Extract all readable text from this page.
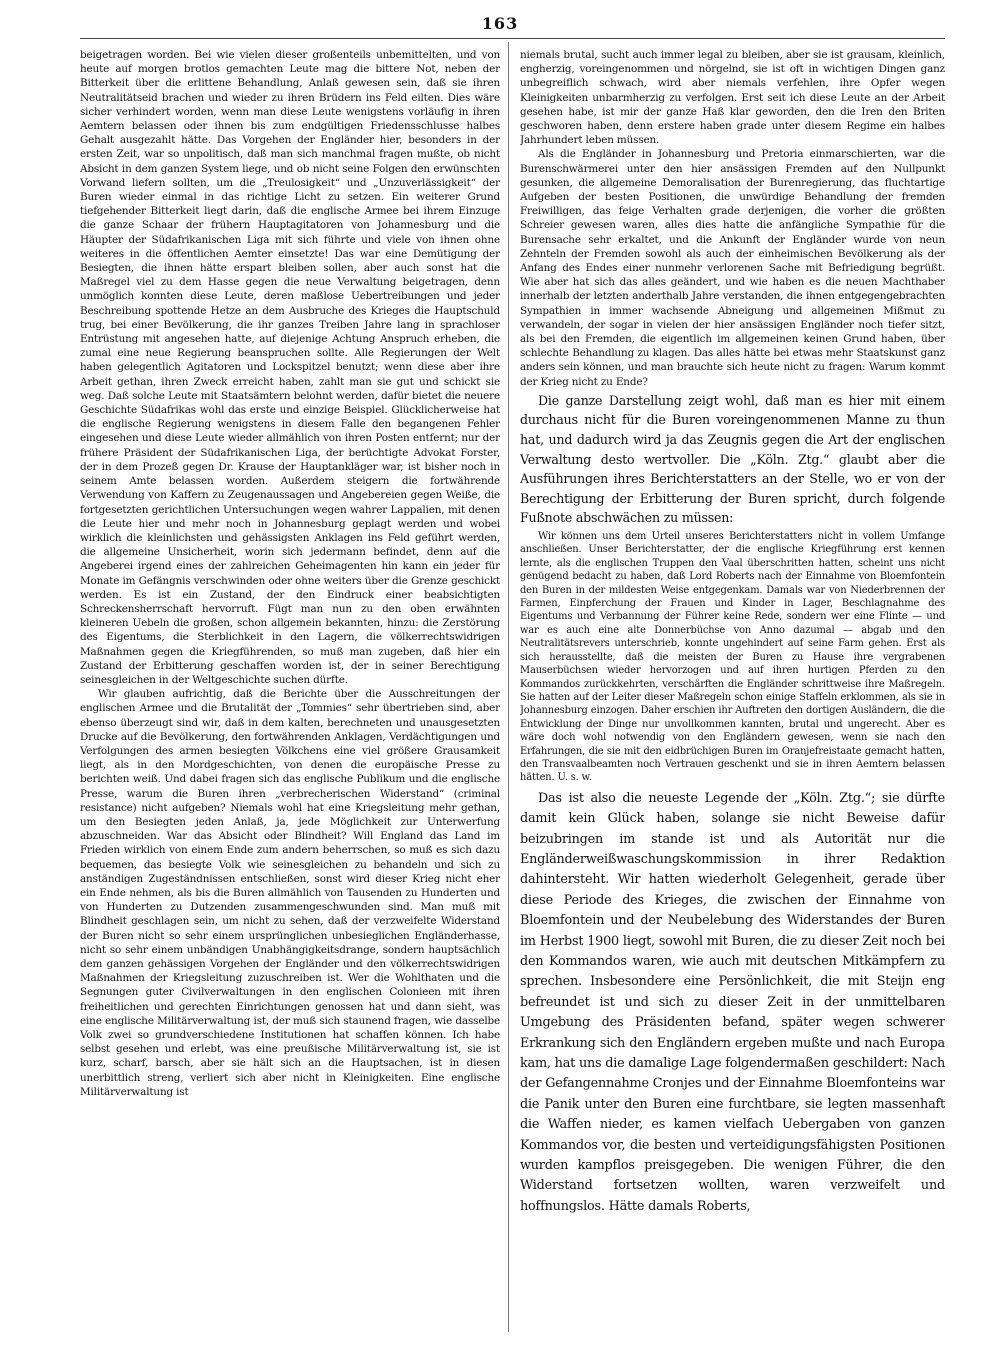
163

beigetragen worden. Bei wie vielen dieser großenteils unbemittelten, und von heute auf morgen brotlos gemachten Leute mag die bittere Not, neben der Bitterkeit über die erlittene Behandlung, Anlaß gewesen sein, daß sie ihren Neutralitätseid brachen und wieder zu ihren Brüdern ins Feld eilten. Dies wäre sicher verhindert worden, wenn man diese Leute wenigstens vorläufig in ihren Aemtern belassen oder ihnen bis zum endgültigen Friedensschlusse halbes Gehalt ausgezahlt hätte. Das Vorgehen der Engländer hier, besonders in der ersten Zeit, war so unpolitisch, daß man sich manchmal fragen mußte, ob nicht Absicht in dem ganzen System liege, und ob nicht seine Folgen den erwünschten Vorwand liefern sollten, um die „Treulosigkeit“ und „Unzuverlässigkeit“ der Buren wieder einmal in das richtige Licht zu setzen. Ein weiterer Grund tiefgehender Bitterkeit liegt darin, daß die englische Armee bei ihrem Einzuge die ganze Schaar der frühern Hauptagitatoren von Johannesburg und die Häupter der Südafrikanischen Liga mit sich führte und viele von ihnen ohne weiteres in die öffentlichen Aemter einsetzte! Das war eine Demütigung der Besiegten, die ihnen hätte erspart bleiben sollen, aber auch sonst hat die Maßregel viel zu dem Hasse gegen die neue Verwaltung beigetragen, denn unmöglich konnten diese Leute, deren maßlose Uebertreibungen und jeder Beschreibung spottende Hetze an dem Ausbruche des Krieges die Hauptschuld trug, bei einer Bevölkerung, die ihr ganzes Treiben Jahre lang in sprachloser Entrüstung mit angesehen hatte, auf diejenige Achtung Anspruch erheben, die zumal eine neue Regierung beanspruchen sollte. Alle Regierungen der Welt haben gelegentlich Agitatoren und Lockspitzel benutzt; wenn diese aber ihre Arbeit gethan, ihren Zweck erreicht haben, zahlt man sie gut und schickt sie weg. Daß solche Leute mit Staatsämtern belohnt werden, dafür bietet die neuere Geschichte Südafrikas wohl das erste und einzige Beispiel. Glücklicherweise hat die englische Regierung wenigstens in diesem Falle den begangenen Fehler eingesehen und diese Leute wieder allmählich von ihren Posten entfernt; nur der frühere Präsident der Südafrikanischen Liga, der berüchtigte Advokat Forster, der in dem Prozeß gegen Dr. Krause der Hauptankläger war, ist bisher noch in seinem Amte belassen worden. Außerdem steigern die fortwährende Verwendung von Kaffern zu Zeugenaussagen und Angebereien gegen Weiße, die fortgesetzten gerichtlichen Untersuchungen wegen wahrer Lappalien, mit denen die Leute hier und mehr noch in Johannesburg geplagt werden und wobei wirklich die kleinlichsten und gehässigsten Anklagen ins Feld geführt werden, die allgemeine Unsicherheit, worin sich jedermann befindet, denn auf die Angeberei irgend eines der zahlreichen Geheimagenten hin kann ein jeder für Monate im Gefängnis verschwinden oder ohne weiters über die Grenze geschickt werden. Es ist ein Zustand, der den Eindruck einer beabsichtigten Schreckensherrschaft hervorruft. Fügt man nun zu den oben erwähnten kleineren Uebeln die großen, schon allgemein bekannten, hinzu: die Zerstörung des Eigentums, die Sterblichkeit in den Lagern, die völkerrechtswidrigen Maßnahmen gegen die Kriegführenden, so muß man zugeben, daß hier ein Zustand der Erbitterung geschaffen worden ist, der in seiner Berechtigung seinesgleichen in der Weltgeschichte suchen dürfte.

Wir glauben aufrichtig, daß die Berichte über die Ausschreitungen der englischen Armee und die Brutalität der „Tommies“ sehr übertrieben sind, aber ebenso überzeugt sind wir, daß in dem kalten, berechneten und unausgesetzten Drucke auf die Bevölkerung, den fortwährenden Anklagen, Verdächtigungen und Verfolgungen des armen besiegten Völkchens eine viel größere Grausamkeit liegt, als in den Mordgeschichten, von denen die europäische Presse zu berichten weiß. Und dabei fragen sich das englische Publikum und die englische Presse, warum die Buren ihren „verbrecherischen Widerstand“ (criminal resistance) nicht aufgeben? Niemals wohl hat eine Kriegsleitung mehr gethan, um den Besiegten jeden Anlaß, ja, jede Möglichkeit zur Unterwerfung abzuschneiden. War das Absicht oder Blindheit? Will England das Land im Frieden wirklich von einem Ende zum andern beherrschen, so muß es sich dazu bequemen, das besiegte Volk wie seinesgleichen zu behandeln und sich zu anständigen Zugeständnissen entschließen, sonst wird dieser Krieg nicht eher ein Ende nehmen, als bis die Buren allmählich von Tausenden zu Hunderten und von Hunderten zu Dutzenden zusammengeschwunden sind. Man muß mit Blindheit geschlagen sein, um nicht zu sehen, daß der verzweifelte Widerstand der Buren nicht so sehr einem ursprünglichen unbesieglichen Engländerhasse, nicht so sehr einem unbändigen Unabhängigkeitsdrange, sondern hauptsächlich dem ganzen gehässigen Vorgehen der Engländer und den völkerrechtswidrigen Maßnahmen der Kriegsleitung zuzuschreiben ist. Wer die Wohlthaten und die Segnungen guter Civilverwaltungen in den englischen Colonieen mit ihren freiheitlichen und gerechten Einrichtungen genossen hat und dann sieht, was eine englische Militärverwaltung ist, der muß sich staunend fragen, wie dasselbe Volk zwei so grundverschiedene Institutionen hat schaffen können. Ich habe selbst gesehen und erlebt, was eine preußische Militärverwaltung ist, sie ist kurz, scharf, barsch, aber sie hält sich an die Hauptsachen, ist in diesen unerbittlich streng, verliert sich aber nicht in Kleinigkeiten. Eine englische Militärverwaltung ist

niemals brutal, sucht auch immer legal zu bleiben, aber sie ist grausam, kleinlich, engherzig, voreingenommen und nörgelnd, sie ist oft in wichtigen Dingen ganz unbegreiflich schwach, wird aber niemals verfehlen, ihre Opfer wegen Kleinigkeiten unbarmherzig zu verfolgen. Erst seit ich diese Leute an der Arbeit gesehen habe, ist mir der ganze Haß klar geworden, den die Iren den Briten geschworen haben, denn erstere haben grade unter diesem Regime ein halbes Jahrhundert leben müssen.

Als die Engländer in Johannesburg und Pretoria einmarschierten, war die Burenschwärmerei unter den hier ansässigen Fremden auf den Nullpunkt gesunken, die allgemeine Demoralisation der Burenregierung, das fluchtartige Aufgeben der besten Positionen, die unwürdige Behandlung der fremden Freiwilligen, das feige Verhalten grade derjenigen, die vorher die größten Schreier gewesen waren, alles dies hatte die anfängliche Sympathie für die Burensache sehr erkaltet, und die Ankunft der Engländer wurde von neun Zehnteln der Fremden sowohl als auch der einheimischen Bevölkerung als der Anfang des Endes einer nunmehr verlorenen Sache mit Befriedigung begrüßt. Wie aber hat sich das alles geändert, und wie haben es die neuen Machthaber innerhalb der letzten anderthalb Jahre verstanden, die ihnen entgegengebrachten Sympathien in immer wachsende Abneigung und allgemeinen Mißmut zu verwandeln, der sogar in vielen der hier ansässigen Engländer noch tiefer sitzt, als bei den Fremden, die eigentlich im allgemeinen keinen Grund haben, über schlechte Behandlung zu klagen. Das alles hätte bei etwas mehr Staatskunst ganz anders sein können, und man brauchte sich heute nicht zu fragen: Warum kommt der Krieg nicht zu Ende?

Die ganze Darstellung zeigt wohl, daß man es hier mit einem durchaus nicht für die Buren voreingenommenen Manne zu thun hat, und dadurch wird ja das Zeugnis gegen die Art der englischen Verwaltung desto wertvoller. Die „Köln. Ztg.“ glaubt aber die Ausführungen ihres Berichterstatters an der Stelle, wo er von der Berechtigung der Erbitterung der Buren spricht, durch folgende Fußnote abschwächen zu müssen:

Wir können uns dem Urteil unseres Berichterstatters nicht in vollem Umfange anschließen. Unser Berichterstatter, der die englische Kriegführung erst kennen lernte, als die englischen Truppen den Vaal überschritten hatten, scheint uns nicht genügend bedacht zu haben, daß Lord Roberts nach der Einnahme von Bloemfontein den Buren in der mildesten Weise entgegenkam. Damals war von Niederbrennen der Farmen, Einpferchung der Frauen und Kinder in Lager, Beschlagnahme des Eigentums und Verbannung der Führer keine Rede, sondern wer eine Flinte — und war es auch eine alte Donnerbüchse von Anno dazumal — abgab und den Neutralitätsrevers unterschrieb, konnte ungehindert auf seine Farm gehen. Erst als sich herausstellte, daß die meisten der Buren zu Hause ihre vergrabenen Mauserbüchsen wieder hervorzogen und auf ihren hurtigen Pferden zu den Kommandos zurückkehrten, verschärften die Engländer schrittweise ihre Maßregeln. Sie hatten auf der Leiter dieser Maßregeln schon einige Staffeln erklommen, als sie in Johannesburg einzogen. Daher erschien ihr Auftreten den dortigen Ausländern, die die Entwicklung der Dinge nur unvollkommen kannten, brutal und ungerecht. Aber es wäre doch wohl notwendig von den Engländern gewesen, wenn sie nach den Erfahrungen, die sie mit den eidbrüchigen Buren im Oranjefreistaate gemacht hatten, den Transvaalbeamten noch Vertrauen geschenkt und sie in ihren Aemtern belassen hätten. U. s. w.

Das ist also die neueste Legende der „Köln. Ztg.“; sie dürfte damit kein Glück haben, solange sie nicht Beweise dafür beizubringen im stande ist und als Autorität nur die Engländerweißwaschungskommission in ihrer Redaktion dahintersteht. Wir hatten wiederholt Gelegenheit, gerade über diese Periode des Krieges, die zwischen der Einnahme von Bloemfontein und der Neubelebung des Widerstandes der Buren im Herbst 1900 liegt, sowohl mit Buren, die zu dieser Zeit noch bei den Kommandos waren, wie auch mit deutschen Mitkämpfern zu sprechen. Insbesondere eine Persönlichkeit, die mit Steijn eng befreundet ist und sich zu dieser Zeit in der unmittelbaren Umgebung des Präsidenten befand, später wegen schwerer Erkrankung sich den Engländern ergeben mußte und nach Europa kam, hat uns die damalige Lage folgendermaßen geschildert: Nach der Gefangennahme Cronjes und der Einnahme Bloemfonteins war die Panik unter den Buren eine furchtbare, sie legten massenhaft die Waffen nieder, es kamen vielfach Uebergaben von ganzen Kommandos vor, die besten und verteidigungsfähigsten Positionen wurden kampflos preisgegeben. Die wenigen Führer, die den Widerstand fortsetzen wollten, waren verzweifelt und hoffnungslos. Hätte damals Roberts,
